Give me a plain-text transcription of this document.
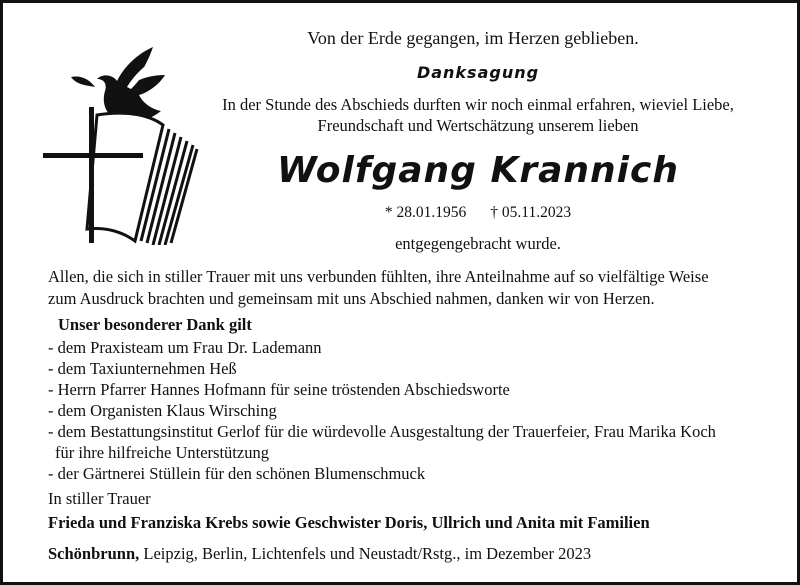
Von der Erde gegangen, im Herzen geblieben.
Danksagung
In der Stunde des Abschieds durften wir noch einmal erfahren, wieviel Liebe,
Freundschaft und Wertschätzung unserem lieben
Wolfgang Krannich
* 28.01.1956 † 05.11.2023
entgegengebracht wurde.
Allen, die sich in stiller Trauer mit uns verbunden fühlten, ihre Anteilnahme auf so vielfältige Weise
zum Ausdruck brachten und gemeinsam mit uns Abschied nahmen, danken wir von Herzen.
Unser besonderer Dank gilt
- dem Praxisteam um Frau Dr. Lademann
- dem Taxiunternehmen Heß
- Herrn Pfarrer Hannes Hofmann für seine tröstenden Abschiedsworte
- dem Organisten Klaus Wirsching
- dem Bestattungsinstitut Gerlof für die würdevolle Ausgestaltung der Trauerfeier, Frau Marika Koch
für ihre hilfreiche Unterstützung
- der Gärtnerei Stüllein für den schönen Blumenschmuck
In stiller Trauer
Frieda und Franziska Krebs sowie Geschwister Doris, Ullrich und Anita mit Familien
Schönbrunn, Leipzig, Berlin, Lichtenfels und Neustadt/Rstg., im Dezember 2023
